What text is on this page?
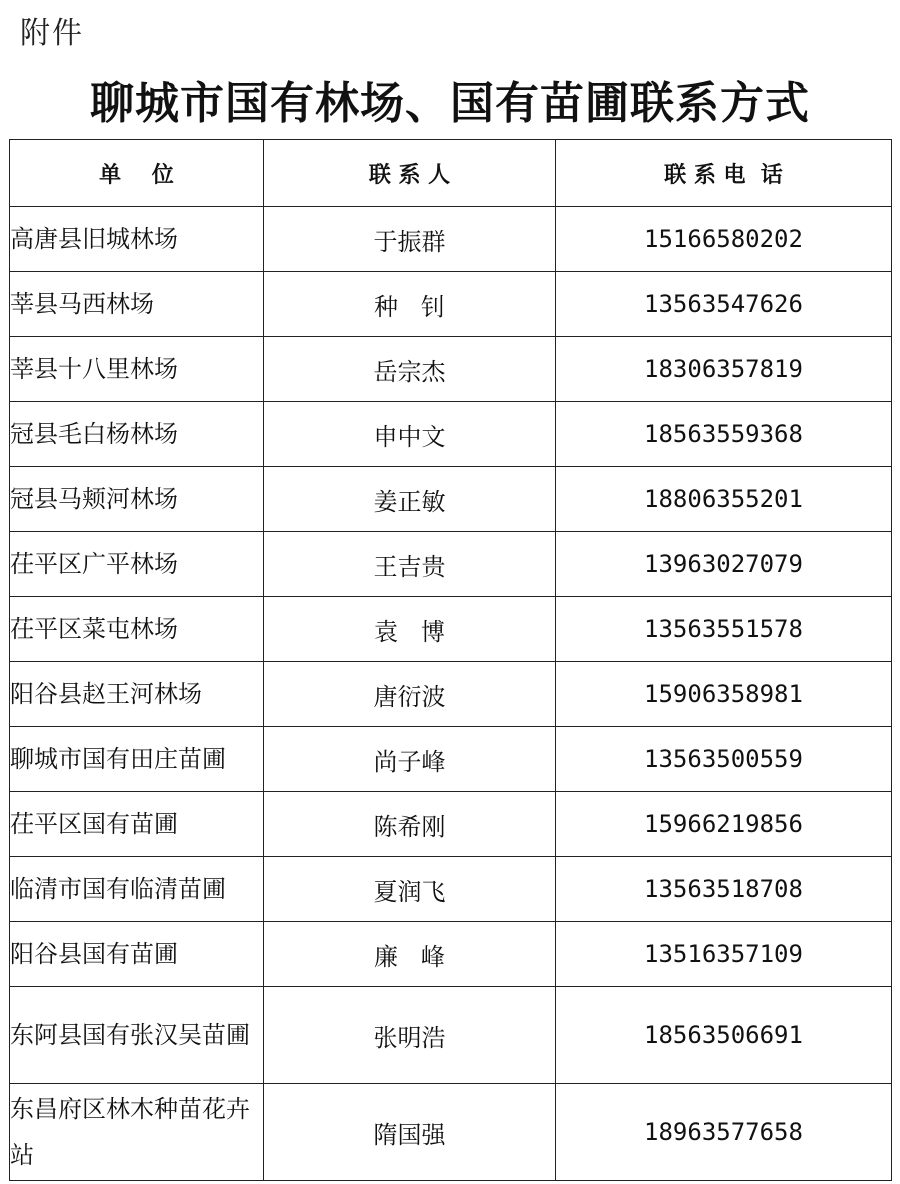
附件
聊城市国有林场、国有苗圃联系方式
单    位	联 系 人	联 系 电  话
高唐县旧城林场	于振群	15166580202
莘县马西林场	种   钊	13563547626
莘县十八里林场	岳宗杰	18306357819
冠县毛白杨林场	申中文	18563559368
冠县马颊河林场	姜正敏	18806355201
茌平区广平林场	王吉贵	13963027079
茌平区菜屯林场	袁   博	13563551578
阳谷县赵王河林场	唐衍波	15906358981
聊城市国有田庄苗圃	尚子峰	13563500559
茌平区国有苗圃	陈希刚	15966219856
临清市国有临清苗圃	夏润飞	13563518708
阳谷县国有苗圃	廉   峰	13516357109
东阿县国有张汉吴苗圃	张明浩	18563506691
东昌府区林木种苗花卉站	隋国强	18963577658
